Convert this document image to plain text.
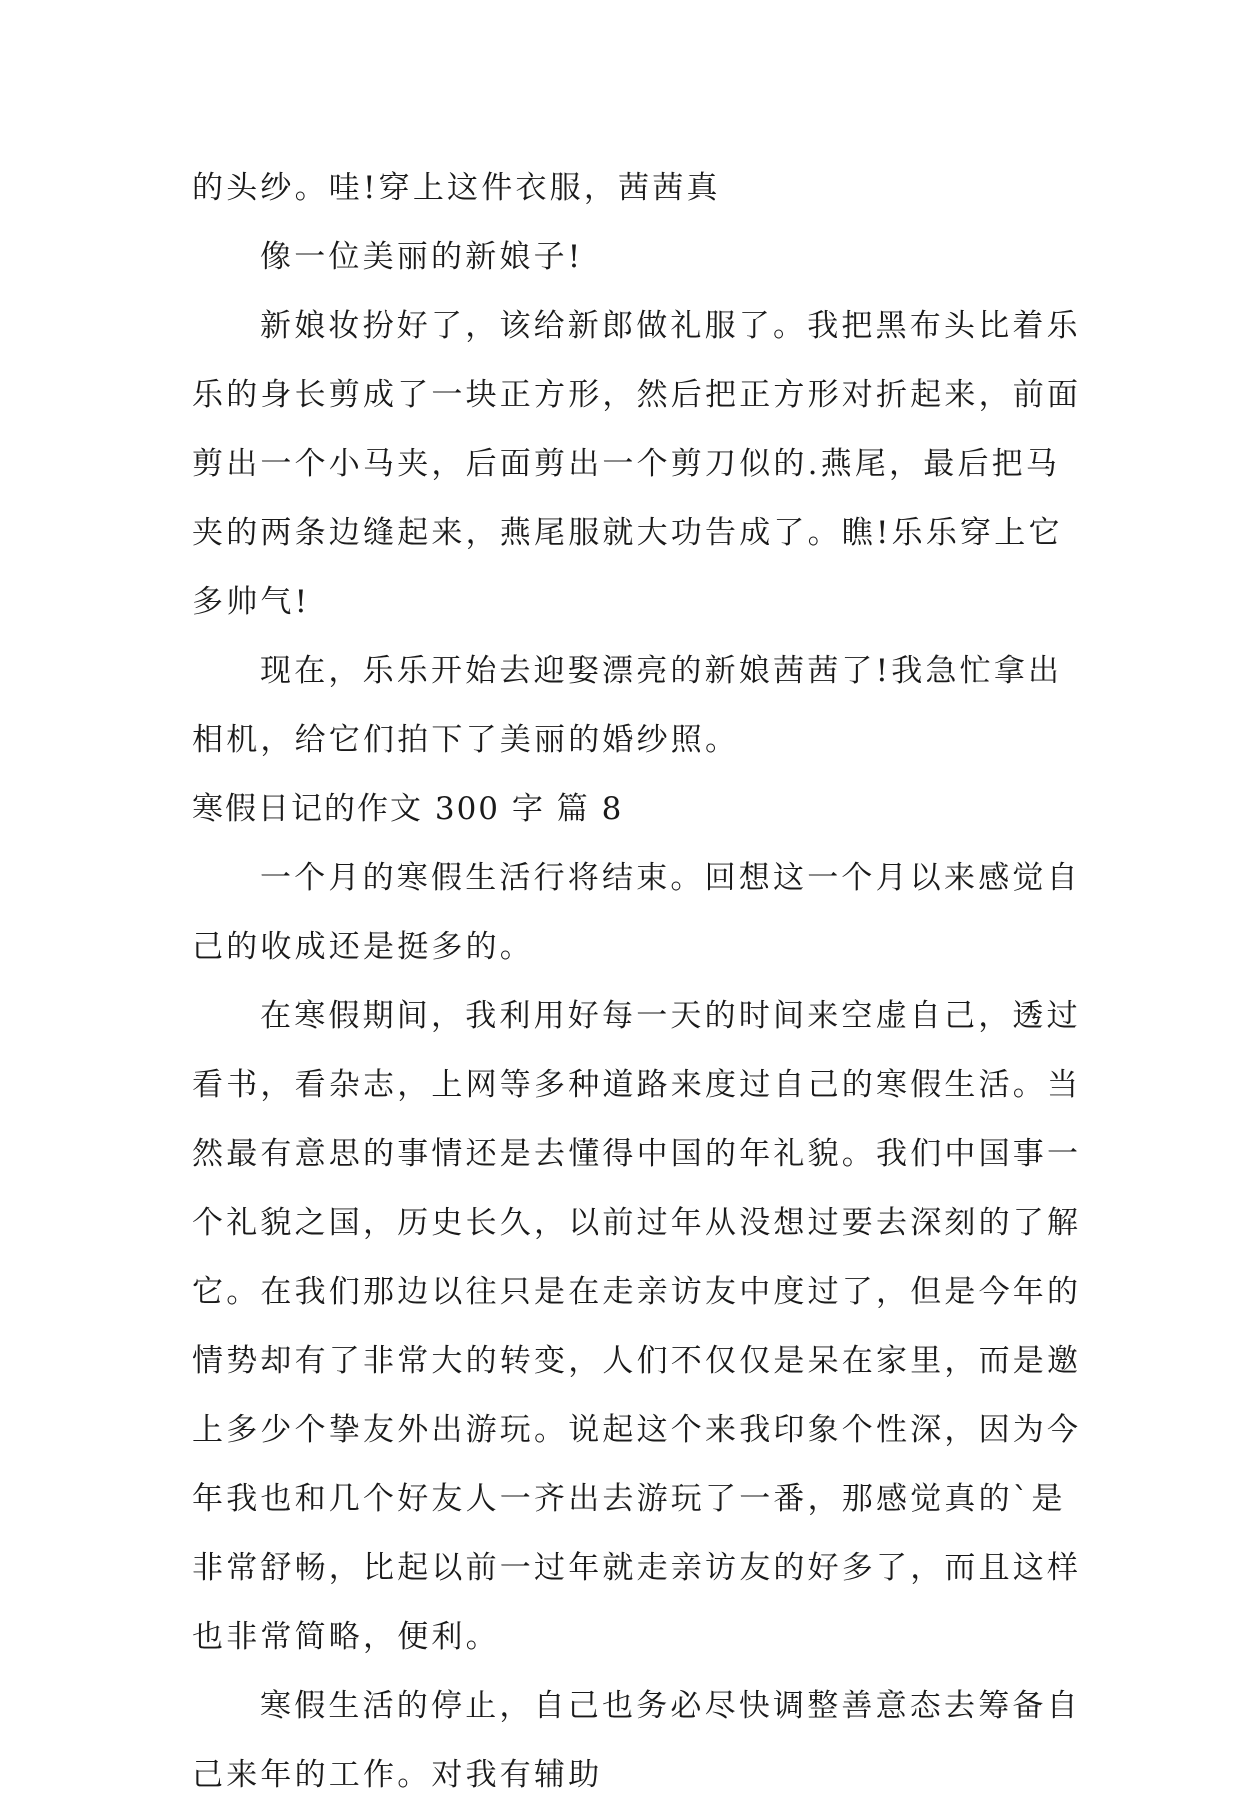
的头纱。哇!穿上这件衣服，茜茜真
像一位美丽的新娘子!
新娘妆扮好了，该给新郎做礼服了。我把黑布头比着乐
乐的身长剪成了一块正方形，然后把正方形对折起来，前面
剪出一个小马夹，后面剪出一个剪刀似的.燕尾，最后把马
夹的两条边缝起来，燕尾服就大功告成了。瞧!乐乐穿上它
多帅气!
现在，乐乐开始去迎娶漂亮的新娘茜茜了!我急忙拿出
相机，给它们拍下了美丽的婚纱照。
寒假日记的作文 300 字 篇 8
一个月的寒假生活行将结束。回想这一个月以来感觉自
己的收成还是挺多的。
在寒假期间，我利用好每一天的时间来空虚自己，透过
看书，看杂志，上网等多种道路来度过自己的寒假生活。当
然最有意思的事情还是去懂得中国的年礼貌。我们中国事一
个礼貌之国，历史长久，以前过年从没想过要去深刻的了解
它。在我们那边以往只是在走亲访友中度过了，但是今年的
情势却有了非常大的转变，人们不仅仅是呆在家里，而是邀
上多少个挚友外出游玩。说起这个来我印象个性深，因为今
年我也和几个好友人一齐出去游玩了一番，那感觉真的`是
非常舒畅，比起以前一过年就走亲访友的好多了，而且这样
也非常简略，便利。
寒假生活的停止，自己也务必尽快调整善意态去筹备自
己来年的工作。对我有辅助
